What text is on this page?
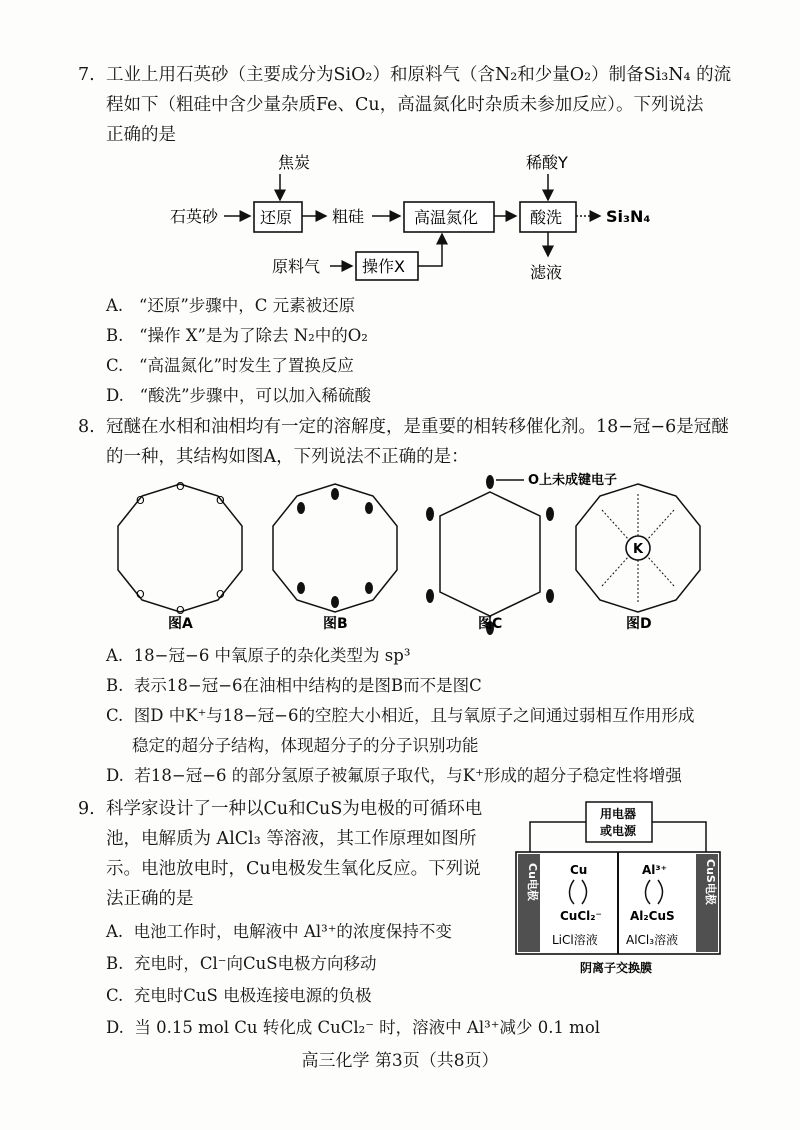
7. 工业上用石英砂（主要成分为SiO₂）和原料气（含N₂和少量O₂）制备Si₃N₄ 的流
程如下（粗硅中含少量杂质Fe、Cu，高温氮化时杂质未参加反应）。下列说法
正确的是
焦炭
石英砂	还原 粗硅	高温氮化
稀酸Y
酸洗	Si₃N₄
滤液
原料气	操作X
A. “还原”步骤中，C 元素被还原
B. “操作 X”是为了除去 N₂中的O₂
C. “高温氮化”时发生了置换反应
D. “酸洗”步骤中，可以加入稀硫酸
8. 冠醚在水相和油相均有一定的溶解度，是重要的相转移催化剂。18−冠−6是冠醚
的一种，其结构如图A，下列说法不正确的是：
O
O
O
O
O
O
O上未成键电子
K
图A	图B	图C	图D
A. 18−冠−6 中氧原子的杂化类型为 sp³
B. 表示18−冠−6在油相中结构的是图B而不是图C
C. 图D 中K⁺与18−冠−6的空腔大小相近，且与氧原子之间通过弱相互作用形成
稳定的超分子结构，体现超分子的分子识别功能
D. 若18−冠−6 的部分氢原子被氟原子取代，与K⁺形成的超分子稳定性将增强
9. 科学家设计了一种以Cu和CuS为电极的可循环电
池，电解质为 AlCl₃ 等溶液，其工作原理如图所
示。电池放电时，Cu电极发生氧化反应。下列说
法正确的是
用电器
或电源
Cu电极	CuS电极
Cu
CuCl₂⁻
LiCl溶液
Al³⁺
Al₂CuS
AlCl₃溶液
阴离子交换膜
A. 电池工作时，电解液中 Al³⁺的浓度保持不变
B. 充电时，Cl⁻向CuS电极方向移动
C. 充电时CuS 电极连接电源的负极
D. 当 0.15 mol Cu 转化成 CuCl₂⁻ 时，溶液中 Al³⁺减少 0.1 mol
高三化学 第3页（共8页）
